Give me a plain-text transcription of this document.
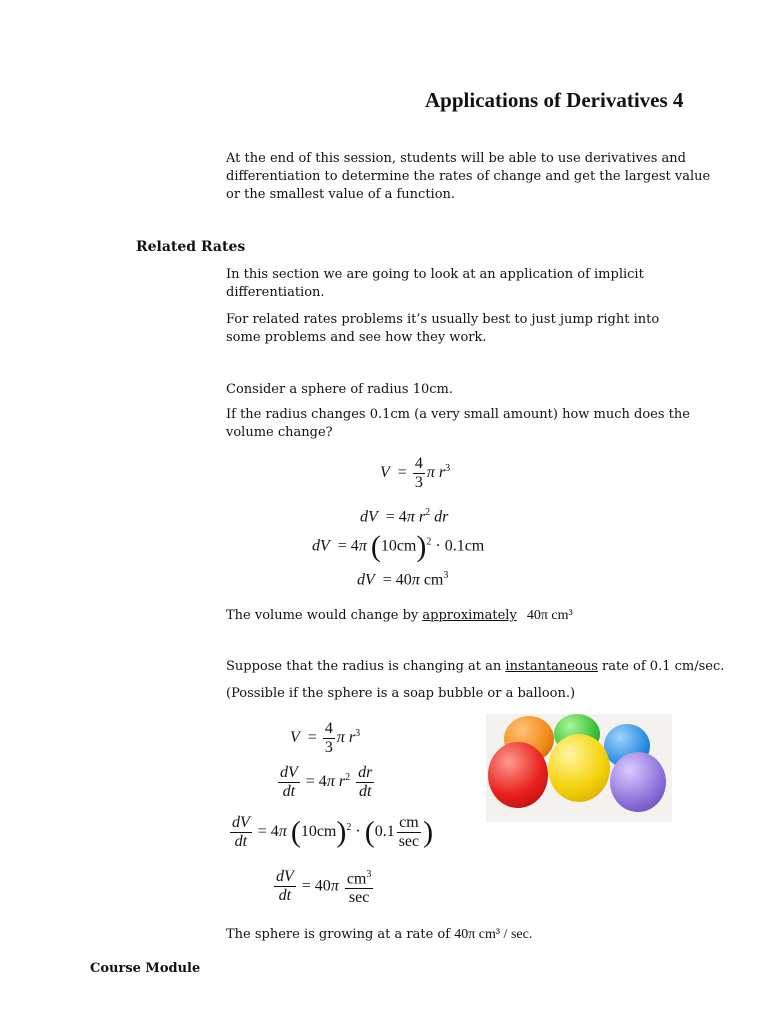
Applications of Derivatives 4
At the end of this session, students will be able to use derivatives and differentiation to determine the rates of change and get the largest value or the smallest value of a function.
Related Rates
In this section we are going to look at an application of implicit differentiation.
For related rates problems it’s usually best to just jump right into some problems and see how they work.
Consider a sphere of radius 10cm.
If the radius changes 0.1cm (a very small amount) how much does the volume change?
$V = \frac{4}{3}$ π $r^3$
dV  = 4π $r^2$ dr
dV  = 4π $(10cm)^2 \cdot 0.1cm$
dV  = 40π $cm^3$
The volume would change by approximately 40π cm³
Suppose that the radius is changing at an instantaneous rate of 0.1 cm/sec.
(Possible if the sphere is a soap bubble or a balloon.)
$V = \frac{4}{3}$ π $r^3$
$\frac{dV}{dt} = 4\pi$ $r^2 \frac{dr}{dt}$
$\frac{dV}{dt} = 4\pi$ $(10cm)^2 \cdot (0.1 \frac{cm}{\sec}$ )
$\frac{dV}{dt} = 40\pi \frac{cm^3}{\sec}$
The sphere is growing at a rate of 40π cm³ / sec.
Course Module
